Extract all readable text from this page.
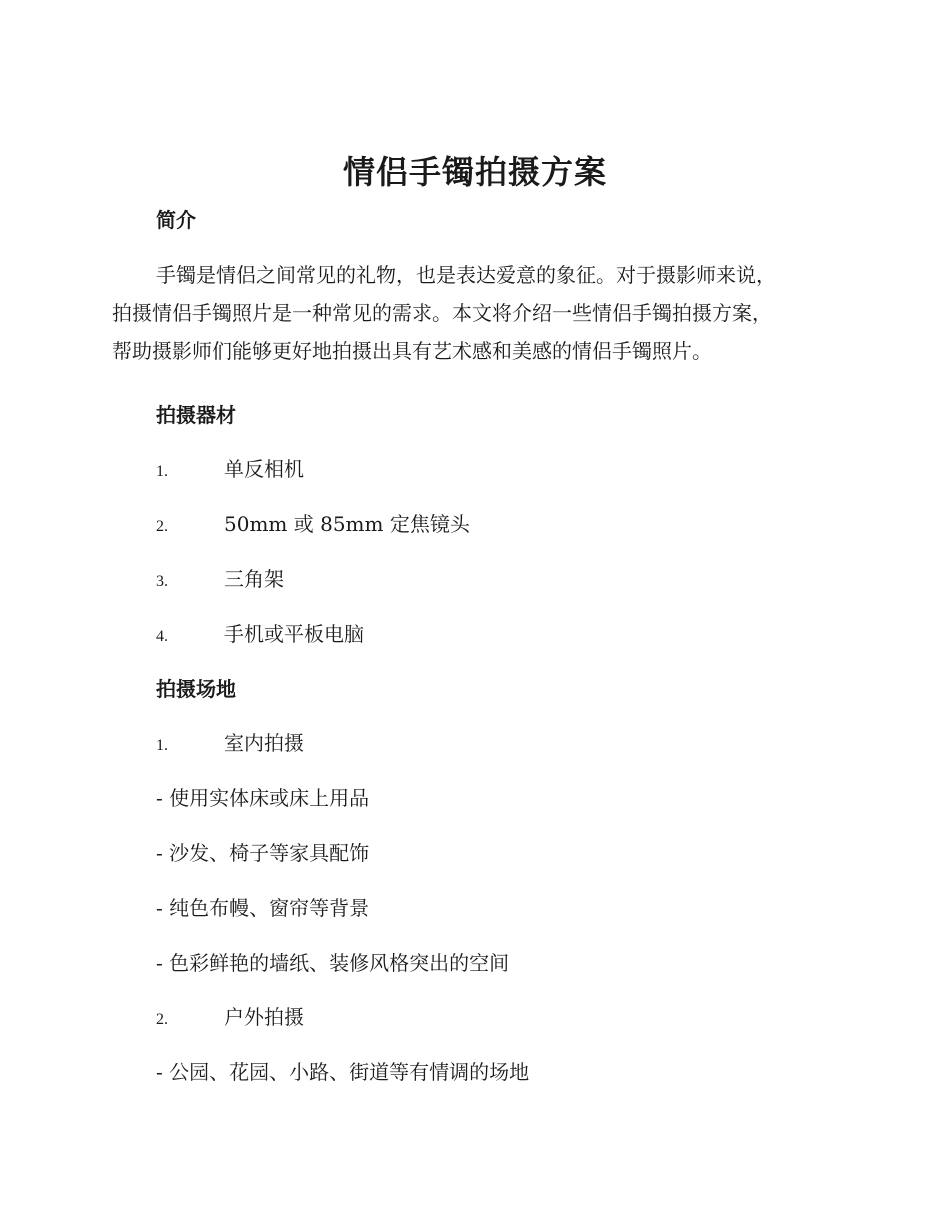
情侣手镯拍摄方案
简介
手镯是情侣之间常见的礼物，也是表达爱意的象征。对于摄影师来说，
拍摄情侣手镯照片是一种常见的需求。本文将介绍一些情侣手镯拍摄方案，
帮助摄影师们能够更好地拍摄出具有艺术感和美感的情侣手镯照片。
拍摄器材
1.	单反相机
2.	50mm 或 85mm 定焦镜头
3.	三角架
4.	手机或平板电脑
拍摄场地
1.	室内拍摄
- 使用实体床或床上用品
- 沙发、椅子等家具配饰
- 纯色布幔、窗帘等背景
- 色彩鲜艳的墙纸、装修风格突出的空间
2.	户外拍摄
- 公园、花园、小路、街道等有情调的场地
